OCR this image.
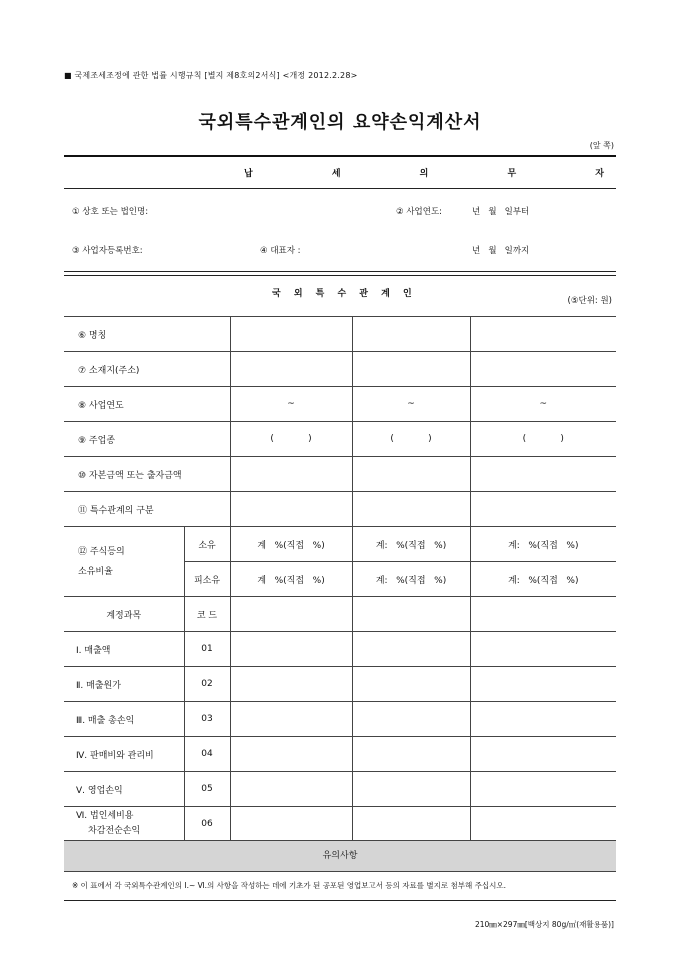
■ 국제조세조정에 관한 법률 시행규칙 [별지 제8호의2서식] <개정 2012.2.28>
국외특수관계인의 요약손익계산서
(앞 쪽)
납 세 의 무 자
① 상호 또는 법인명:	② 사업연도:	년   월   일부터
③ 사업자등록번호:	④ 대표자 :	년   월   일까지
국 외 특 수 관 계 인
(⑤단위: 원)
⑥ 명칭				
⑦ 소재지(주소)				
⑧ 사업연도		~	~	~
⑨ 주업종		(            )	(            )	(            )
⑩ 자본금액 또는 출자금액				
⑪ 특수관계의 구분				
⑫ 주식등의
소유비율	소유	계   %(직접   %)	계:   %(직접   %)	계:   %(직접   %)
	피소유	계   %(직접   %)	계:   %(직접   %)	계:   %(직접   %)
계정과목	코 드			
Ⅰ. 매출액	01			
Ⅱ. 매출원가	02			
Ⅲ. 매출 총손익	03			
Ⅳ. 판매비와 관리비	04			
Ⅴ. 영업손익	05			

Ⅵ. 법인세비용
차감전순손익	06			
유의사항
※ 이 표에서 각 국외특수관계인의 Ⅰ.~ Ⅵ.의 사항을 작성하는 데에 기초가 된 공포된 영업보고서 등의 자료를 별지로 첨부해 주십시오.
210㎜×297㎜[백상지 80g/㎡(재활용품)]
